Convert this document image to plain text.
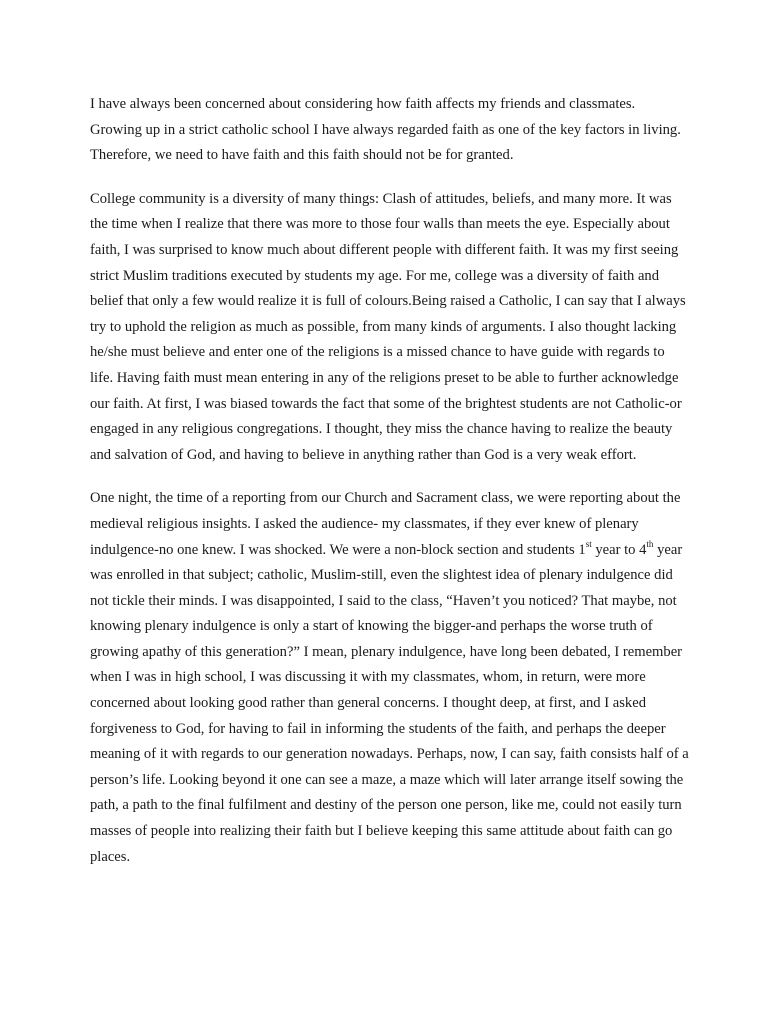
I have always been concerned about considering how faith affects my friends and classmates. Growing up in a strict catholic school I have always regarded faith as one of the key factors in living. Therefore, we need to have faith and this faith should not be for granted.

College community is a diversity of many things: Clash of attitudes, beliefs, and many more. It was the time when I realize that there was more to those four walls than meets the eye. Especially about faith, I was surprised to know much about different people with different faith. It was my first seeing strict Muslim traditions executed by students my age. For me, college was a diversity of faith and belief that only a few would realize it is full of colours.Being raised a Catholic, I can say that I always try to uphold the religion as much as possible, from many kinds of arguments. I also thought lacking he/she must believe and enter one of the religions is a missed chance to have guide with regards to life. Having faith must mean entering in any of the religions preset to be able to further acknowledge our faith. At first, I was biased towards the fact that some of the brightest students are not Catholic-or engaged in any religious congregations. I thought, they miss the chance having to realize the beauty and salvation of God, and having to believe in anything rather than God is a very weak effort.

One night, the time of a reporting from our Church and Sacrament class, we were reporting about the medieval religious insights. I asked the audience- my classmates, if they ever knew of plenary indulgence-no one knew. I was shocked. We were a non-block section and students 1st year to 4th year was enrolled in that subject; catholic, Muslim-still, even the slightest idea of plenary indulgence did not tickle their minds. I was disappointed, I said to the class, “Haven’t you noticed? That maybe, not knowing plenary indulgence is only a start of knowing the bigger-and perhaps the worse truth of growing apathy of this generation?” I mean, plenary indulgence, have long been debated, I remember when I was in high school, I was discussing it with my classmates, whom, in return, were more concerned about looking good rather than general concerns. I thought deep, at first, and I asked forgiveness to God, for having to fail in informing the students of the faith, and perhaps the deeper meaning of it with regards to our generation nowadays. Perhaps, now, I can say, faith consists half of a person’s life. Looking beyond it one can see a maze, a maze which will later arrange itself sowing the path, a path to the final fulfilment and destiny of the person one person, like me, could not easily turn masses of people into realizing their faith but I believe keeping this same attitude about faith can go places.
